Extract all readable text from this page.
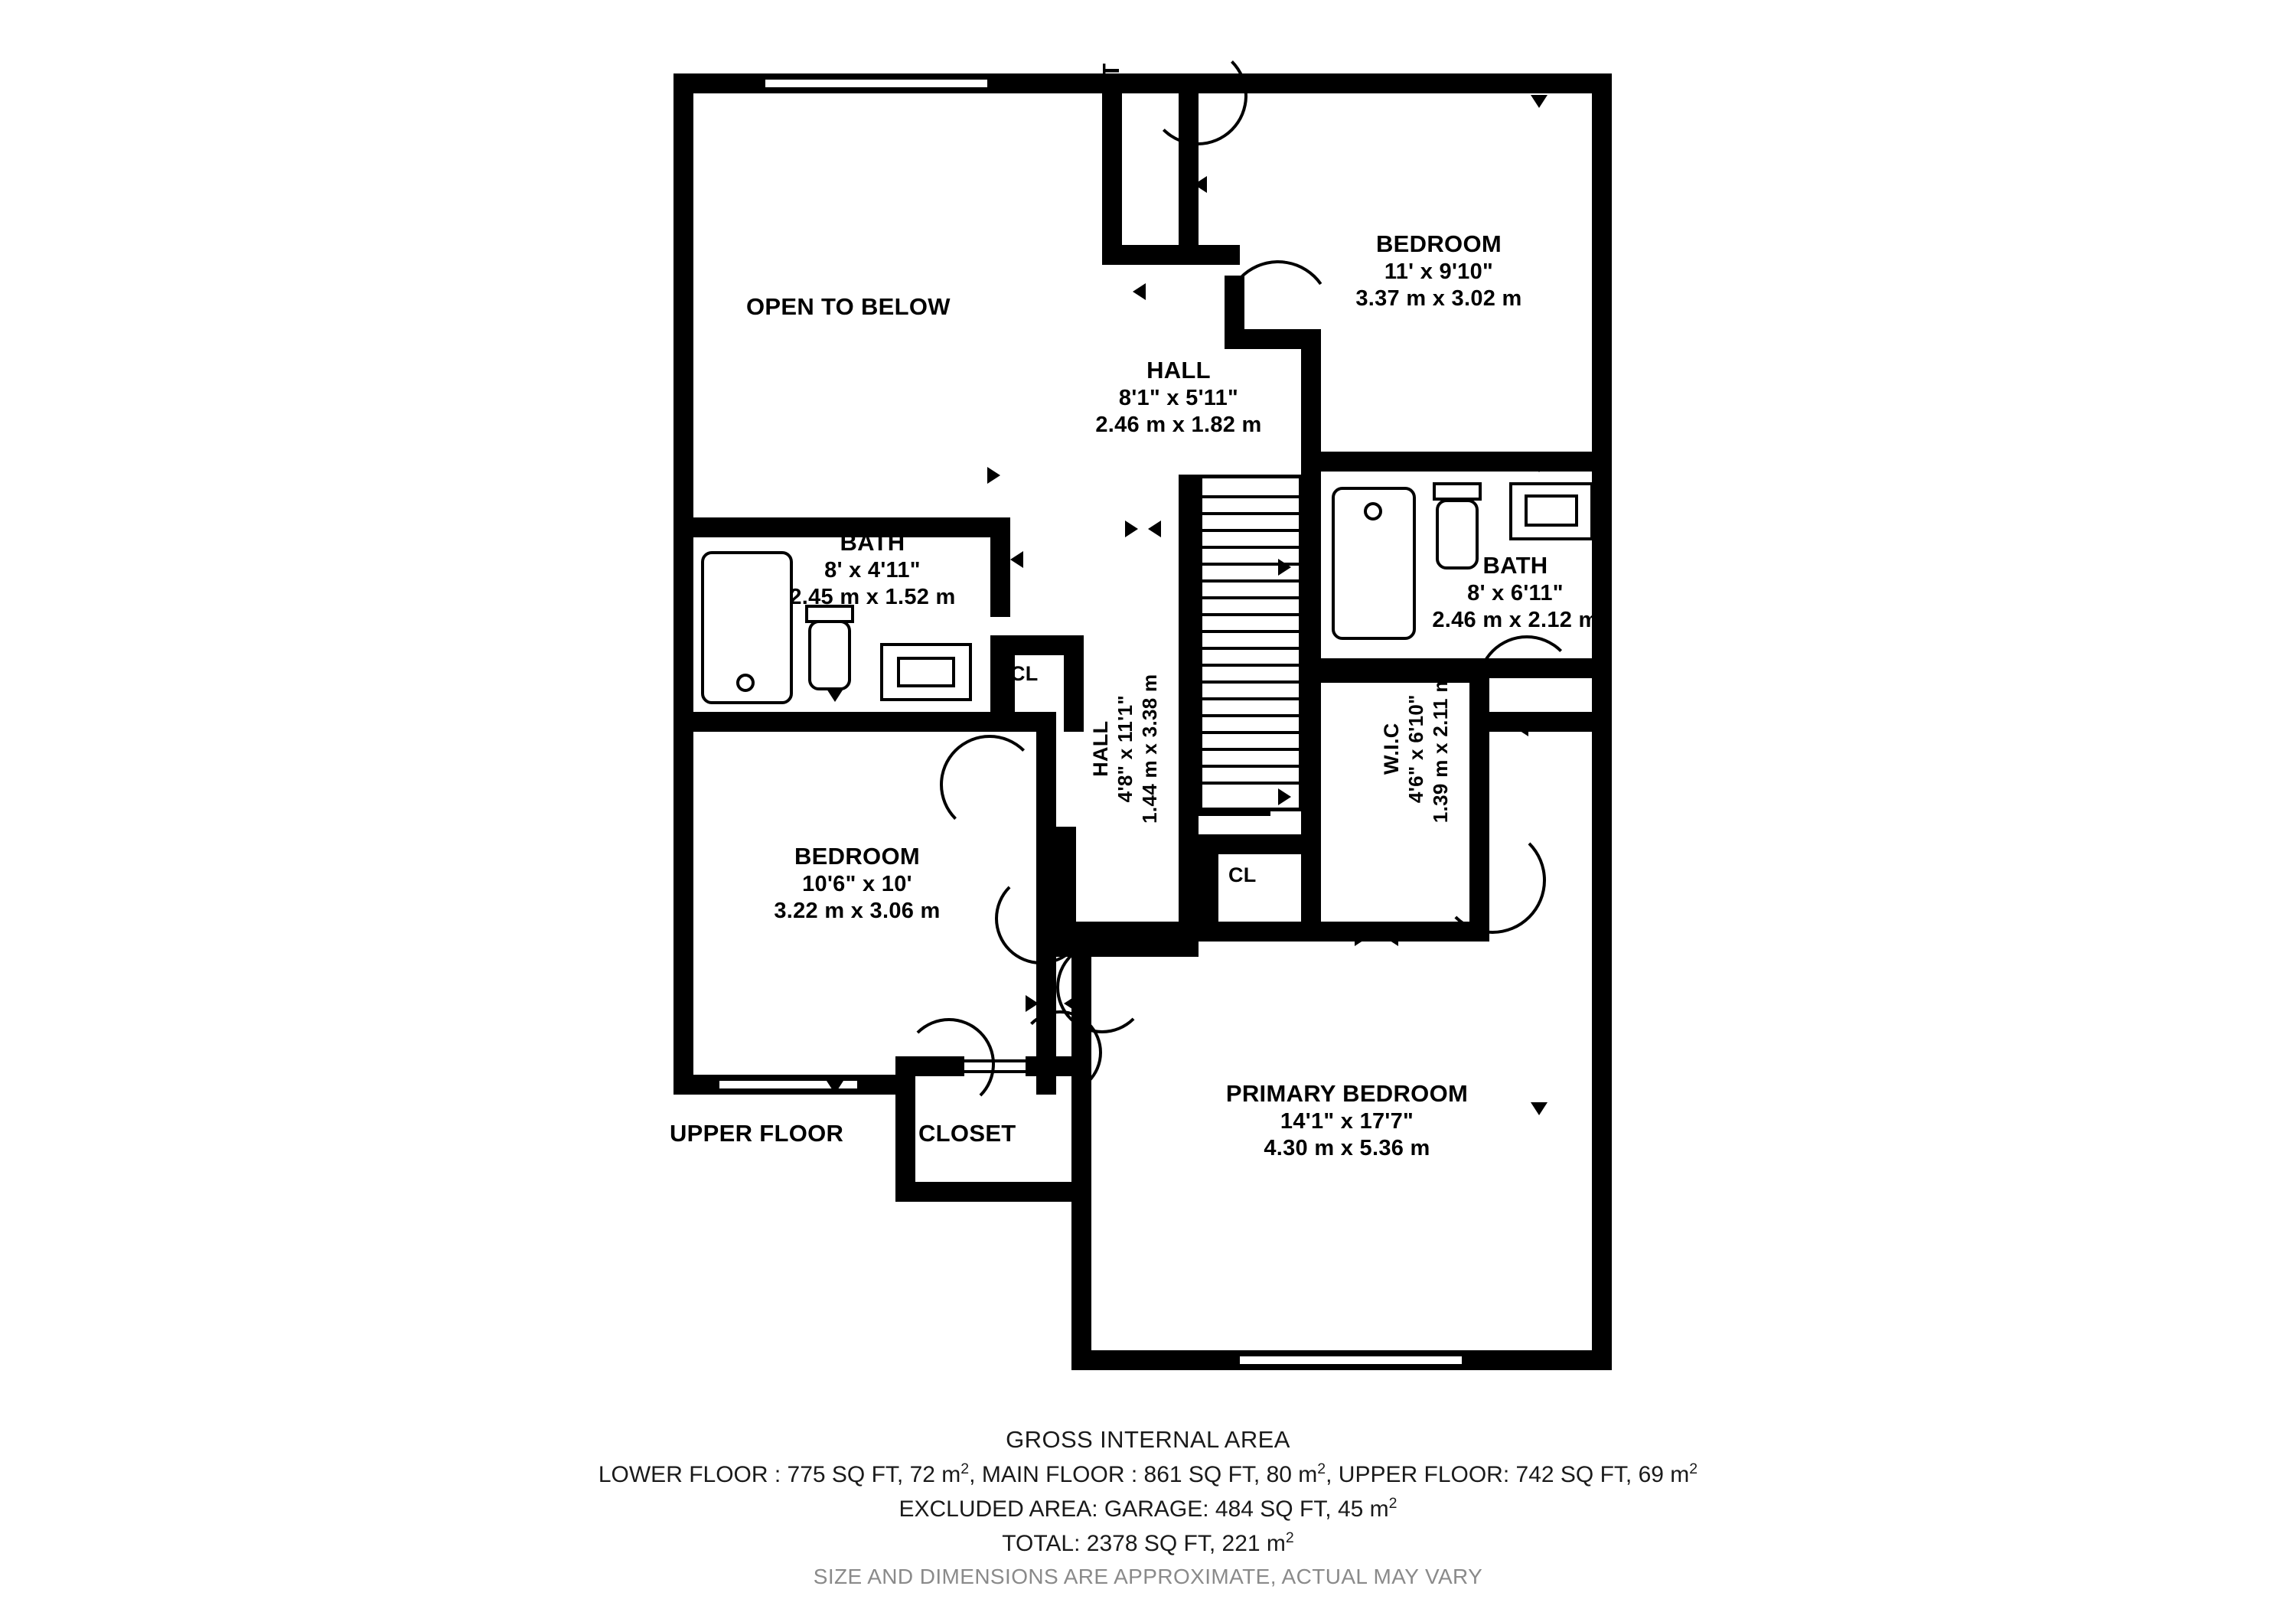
OPEN TO BELOW
CLOSET
BEDROOM
11' x 9'10"
3.37 m x 3.02 m
HALL
8'1" x 5'11"
2.46 m x 1.82 m
BATH
8' x 4'11"
2.45 m x 1.52 m
BATH
8' x 6'11"
2.46 m x 2.12 m
HALL 4'8" x 11'1" 1.44 m x 3.38 m	W.I.C 4'6" x 6'10" 1.39 m x 2.11 m
BEDROOM
10'6" x 10'
3.22 m x 3.06 m
PRIMARY BEDROOM
14'1" x 17'7"
4.30 m x 5.36 m
CL
CL
CLOSET
UPPER FLOOR
GROSS INTERNAL AREA
LOWER FLOOR : 775 SQ FT, 72 $m^2$, MAIN FLOOR : 861 SQ FT, 80 $m^2$, UPPER FLOOR: 742 SQ FT, 69 $m^2$
EXCLUDED AREA: GARAGE: 484 SQ FT, 45 $m^2$
TOTAL: 2378 SQ FT, 221 $m^2$
SIZE AND DIMENSIONS ARE APPROXIMATE, ACTUAL MAY VARY
